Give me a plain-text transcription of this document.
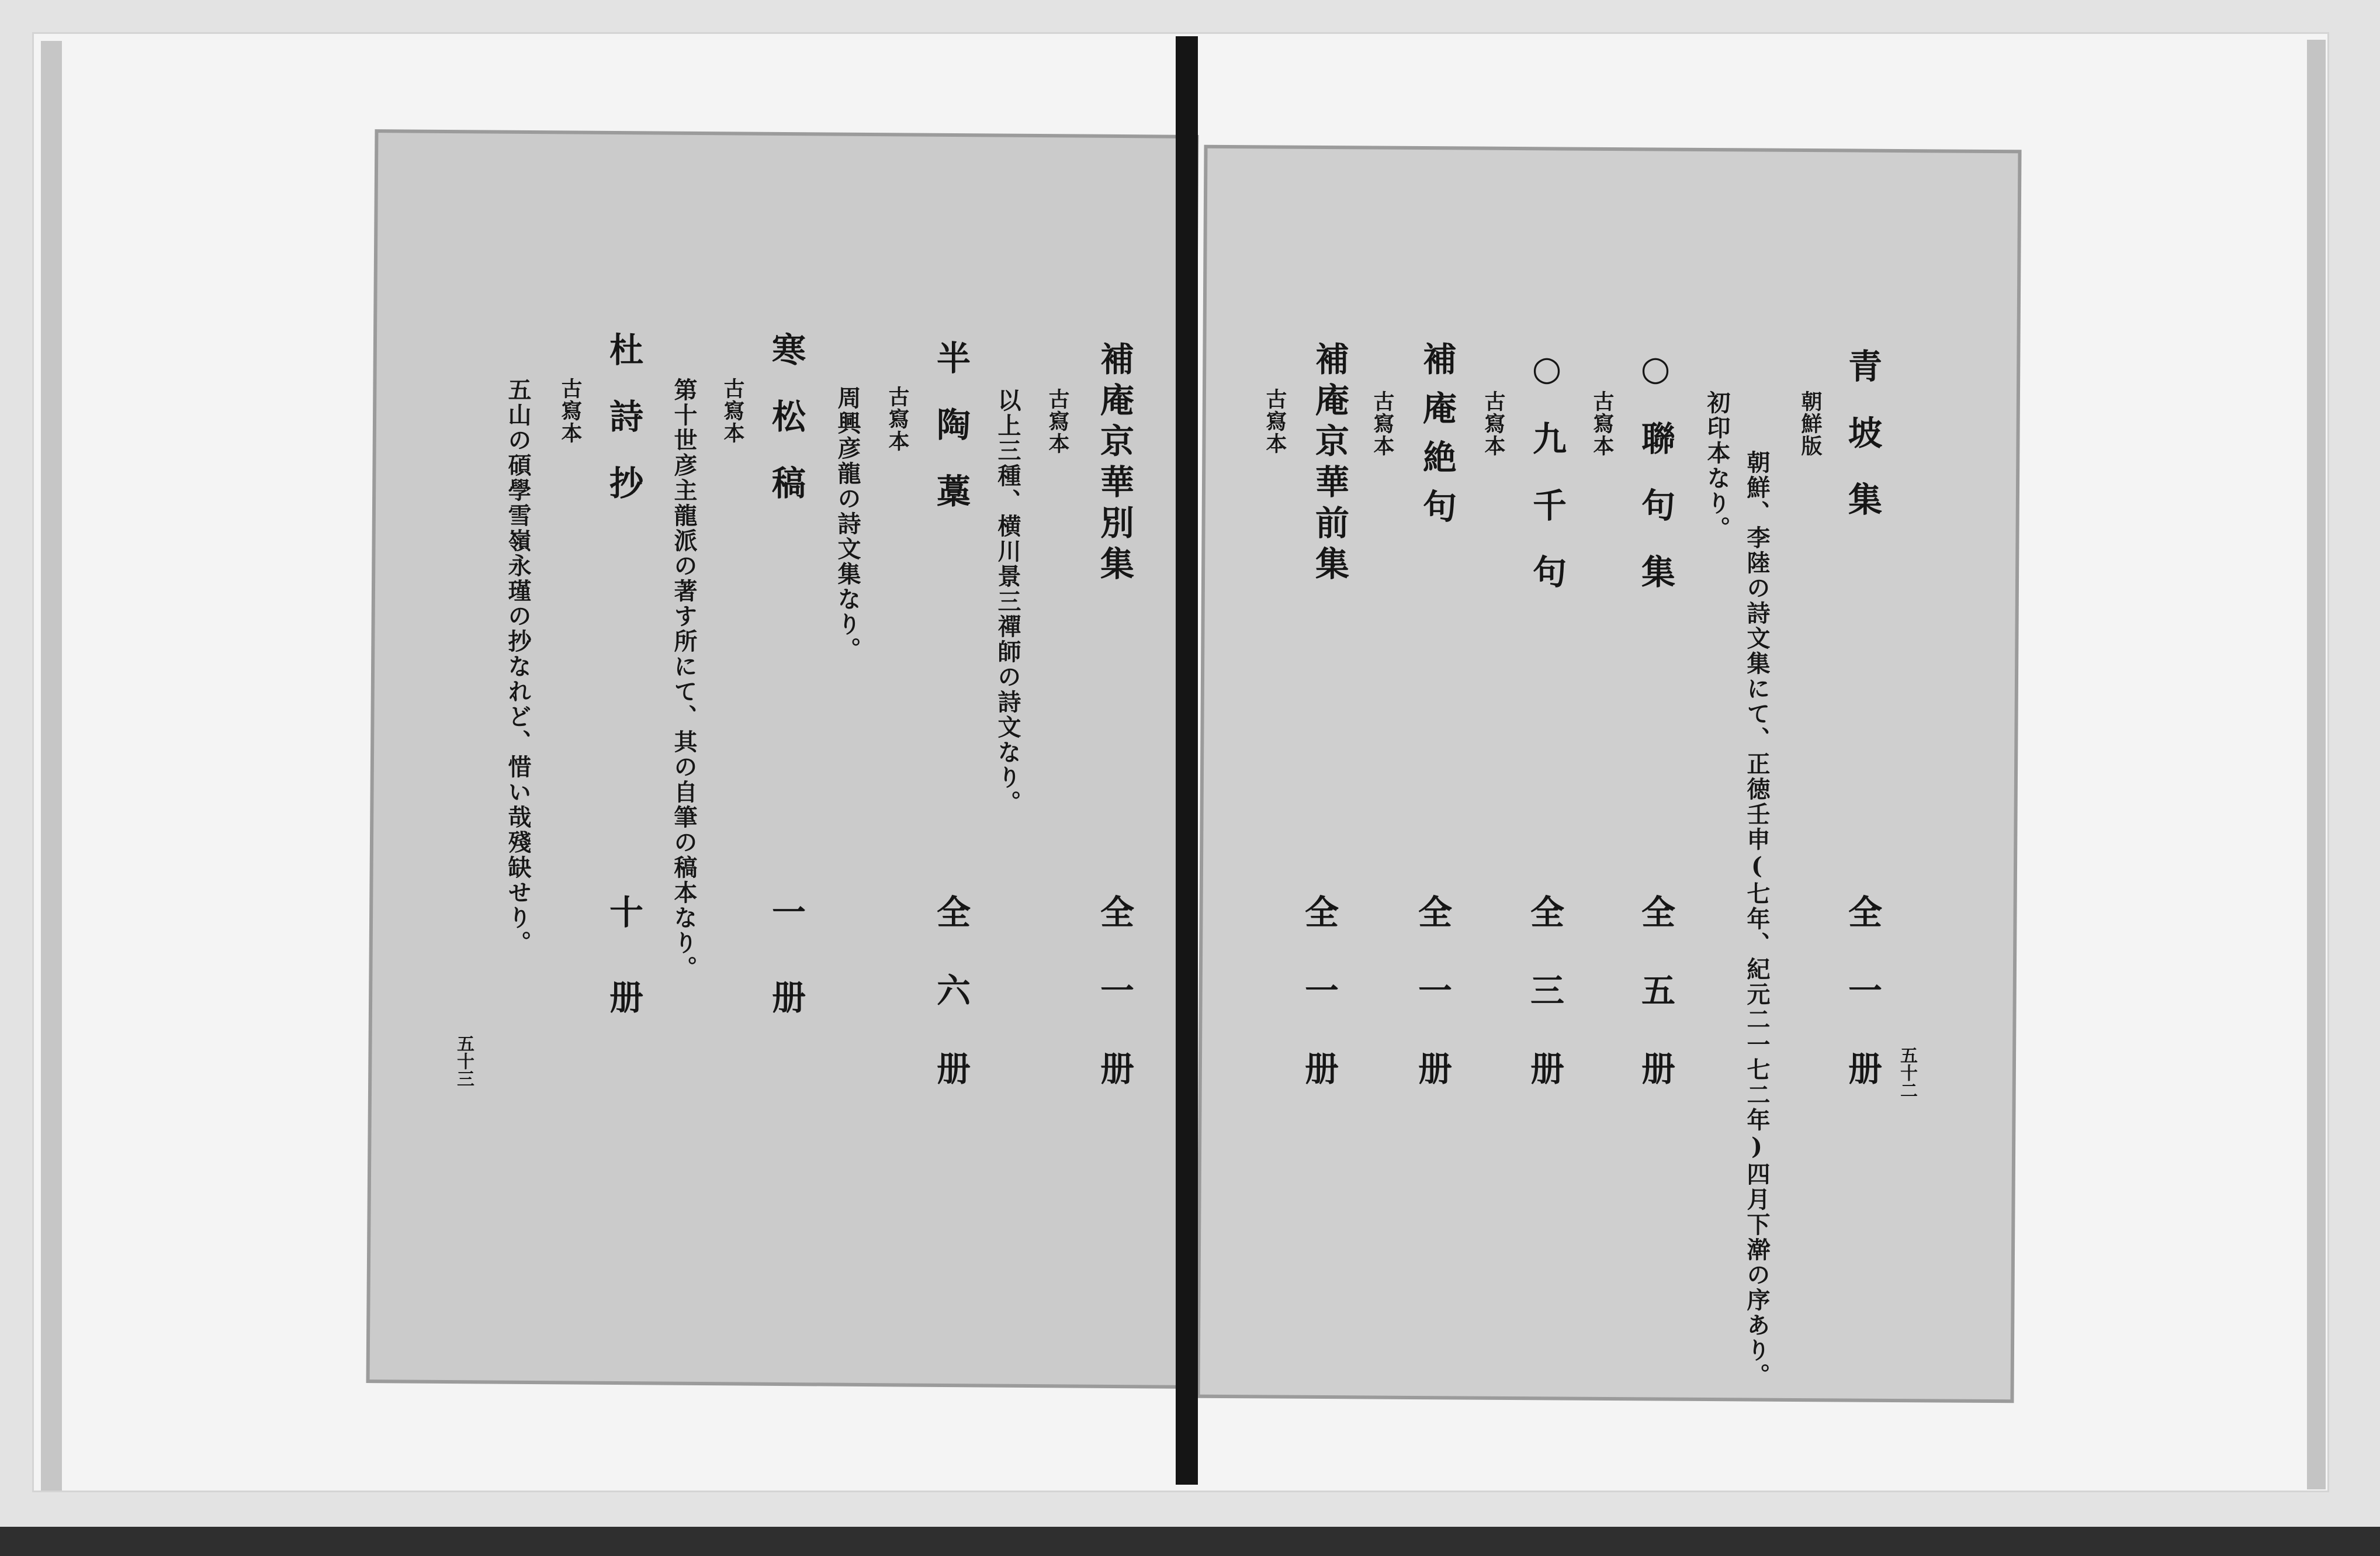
五十二
青坡集
全一册
朝鮮版
朝鮮、李陸の詩文集にて、正徳壬申(七年、紀元二一七二年)四月下澣の序あり。
初印本なり。
○聯句集
全五册
古寫本
○九千句
全三册
古寫本
補庵絶句
全一册
古寫本
補庵京華前集
全一册
古寫本
五十三
補庵京華別集
全一册
古寫本
以上三種、横川景三禪師の詩文なり。
半陶藁
全六册
古寫本
周興彦龍の詩文集なり。
寒松稿
一册
古寫本
第十世彦主龍派の著す所にて、其の自筆の稿本なり。
杜詩抄
十册
古寫本
五山の碩學雪嶺永瑾の抄なれど、惜い哉殘缺せり。
